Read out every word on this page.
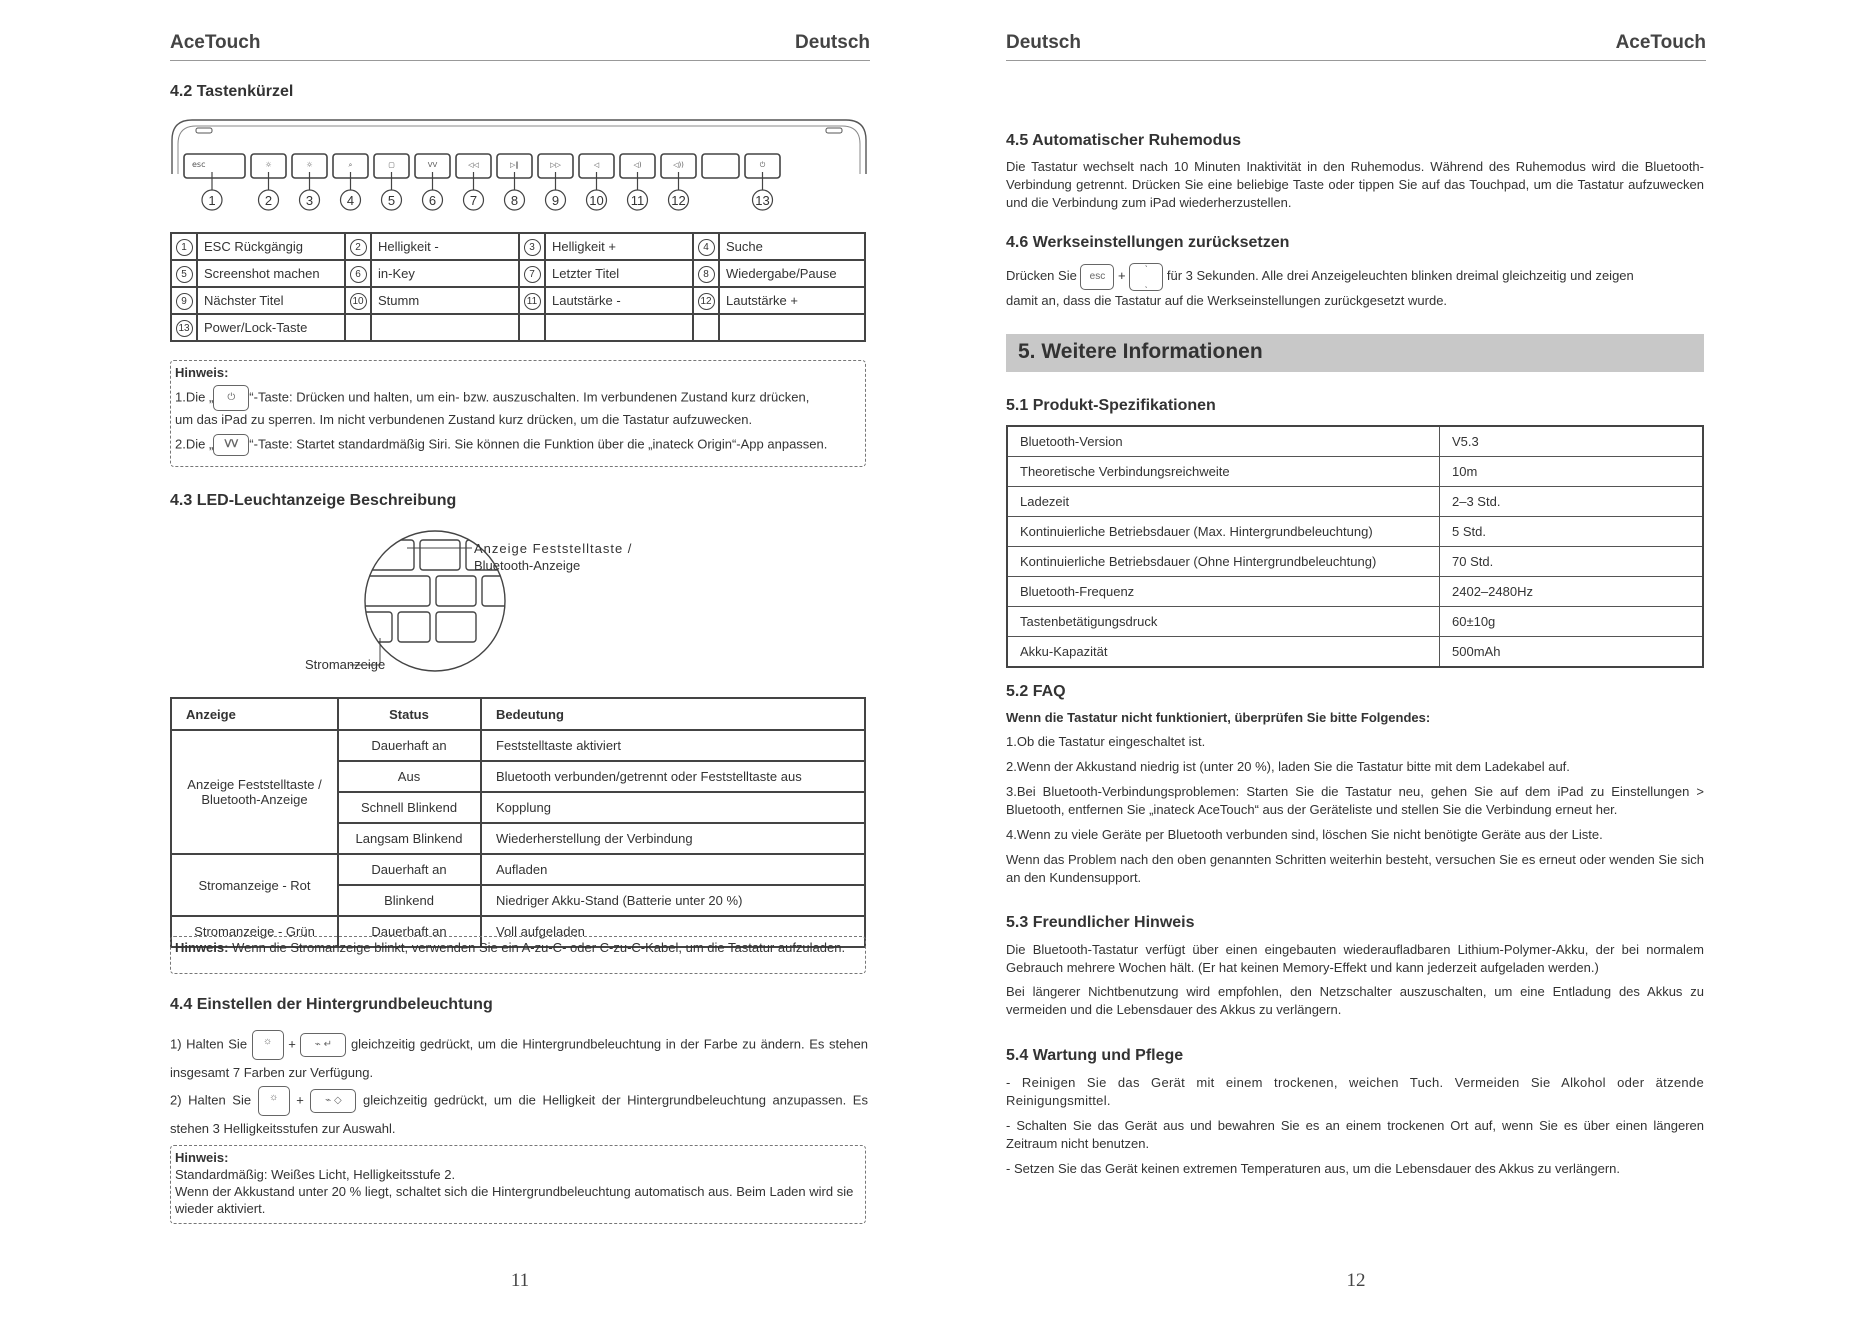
AceTouch	Deutsch
4.2 Tastenkürzel
esc	☼	☼	⌕	▢	ᐯᐯ	◁◁	▷‖	▷▷	◁	◁)	◁))	⏻
1	2	3	4	5	6	7	8	9 10 11 12	13
1	ESC Rückgängig	2	Helligkeit -	3	Helligkeit +	4	Suche
5	Screenshot machen	6	in-Key	7	Letzter Titel	8	Wiedergabe/Pause
9	Nächster Titel	10	Stumm	11	Lautstärke -	12	Lautstärke +
13	Power/Lock-Taste						
Hinweis:
1.Die „ ⏻ “-Taste: Drücken und halten, um ein- bzw. auszuschalten. Im verbundenen Zustand kurz drücken,
um das iPad zu sperren. Im nicht verbundenen Zustand kurz drücken, um die Tastatur aufzuwecken.
2.Die „ ᐯᐯ “-Taste: Startet standardmäßig Siri. Sie können die Funktion über die „inateck Origin“-App anpassen.
4.3 LED-Leuchtanzeige Beschreibung
Anzeige Feststelltaste /
Bluetooth-Anzeige
Stromanzeige
Anzeige	Status	Bedeutung
Anzeige Feststelltaste / Bluetooth-Anzeige	Dauerhaft an	Feststelltaste aktiviert
	Aus	Bluetooth verbunden/getrennt oder Feststelltaste aus
	Schnell Blinkend	Kopplung
	Langsam Blinkend	Wiederherstellung der Verbindung
Stromanzeige - Rot	Dauerhaft an	Aufladen
	Blinkend	Niedriger Akku-Stand (Batterie unter 20 %)
Stromanzeige - Grün	Dauerhaft an	Voll aufgeladen
Hinweis: Wenn die Stromanzeige blinkt, verwenden Sie ein A-zu-C- oder C-zu-C-Kabel, um die Tastatur aufzuladen.
4.4 Einstellen der Hintergrundbeleuchtung
1) Halten Sie ☼ + ⌁ ↵ gleichzeitig gedrückt, um die Hintergrundbeleuchtung in der Farbe zu ändern. Es stehen insgesamt 7 Farben zur Verfügung.
2) Halten Sie ☼ + ⌁ ◇ gleichzeitig gedrückt, um die Helligkeit der Hintergrundbeleuchtung anzupassen. Es stehen 3 Helligkeitsstufen zur Auswahl.
Hinweis:
Standardmäßig: Weißes Licht, Helligkeitsstufe 2.
Wenn der Akkustand unter 20 % liegt, schaltet sich die Hintergrundbeleuchtung automatisch aus. Beim Laden wird sie wieder aktiviert.
11
Deutsch	AceTouch
4.5 Automatischer Ruhemodus
Die Tastatur wechselt nach 10 Minuten Inaktivität in den Ruhemodus. Während des Ruhemodus wird die Bluetooth-Verbindung getrennt. Drücken Sie eine beliebige Taste oder tippen Sie auf das Touchpad, um die Tastatur aufzuwecken und die Verbindung zum iPad wiederherzustellen.
4.6 Werkseinstellungen zurücksetzen
Drücken Sie esc + ˋ
ˎ für 3 Sekunden. Alle drei Anzeigeleuchten blinken dreimal gleichzeitig und zeigen
damit an, dass die Tastatur auf die Werkseinstellungen zurückgesetzt wurde.
5. Weitere Informationen
5.1 Produkt-Spezifikationen
Bluetooth-Version	V5.3
Theoretische Verbindungsreichweite	10m
Ladezeit	2–3 Std.
Kontinuierliche Betriebsdauer (Max. Hintergrundbeleuchtung)	5 Std.
Kontinuierliche Betriebsdauer (Ohne Hintergrundbeleuchtung)	70 Std.
Bluetooth-Frequenz	2402–2480Hz
Tastenbetätigungsdruck	60±10g
Akku-Kapazität	500mAh
5.2 FAQ
Wenn die Tastatur nicht funktioniert, überprüfen Sie bitte Folgendes:
1.Ob die Tastatur eingeschaltet ist.
2.Wenn der Akkustand niedrig ist (unter 20 %), laden Sie die Tastatur bitte mit dem Ladekabel auf.
3.Bei Bluetooth-Verbindungsproblemen: Starten Sie die Tastatur neu, gehen Sie auf dem iPad zu Einstellungen > Bluetooth, entfernen Sie „inateck AceTouch“ aus der Geräteliste und stellen Sie die Verbindung erneut her.
4.Wenn zu viele Geräte per Bluetooth verbunden sind, löschen Sie nicht benötigte Geräte aus der Liste.
Wenn das Problem nach den oben genannten Schritten weiterhin besteht, versuchen Sie es erneut oder wenden Sie sich an den Kundensupport.
5.3 Freundlicher Hinweis
Die Bluetooth-Tastatur verfügt über einen eingebauten wiederaufladbaren Lithium-Polymer-Akku, der bei normalem Gebrauch mehrere Wochen hält. (Er hat keinen Memory-Effekt und kann jederzeit aufgeladen werden.)
Bei längerer Nichtbenutzung wird empfohlen, den Netzschalter auszuschalten, um eine Entladung des Akkus zu vermeiden und die Lebensdauer des Akkus zu verlängern.
5.4 Wartung und Pflege
- Reinigen Sie das Gerät mit einem trockenen, weichen Tuch. Vermeiden Sie Alkohol oder ätzende Reinigungsmittel.
- Schalten Sie das Gerät aus und bewahren Sie es an einem trockenen Ort auf, wenn Sie es über einen längeren Zeitraum nicht benutzen.
- Setzen Sie das Gerät keinen extremen Temperaturen aus, um die Lebensdauer des Akkus zu verlängern.
12
